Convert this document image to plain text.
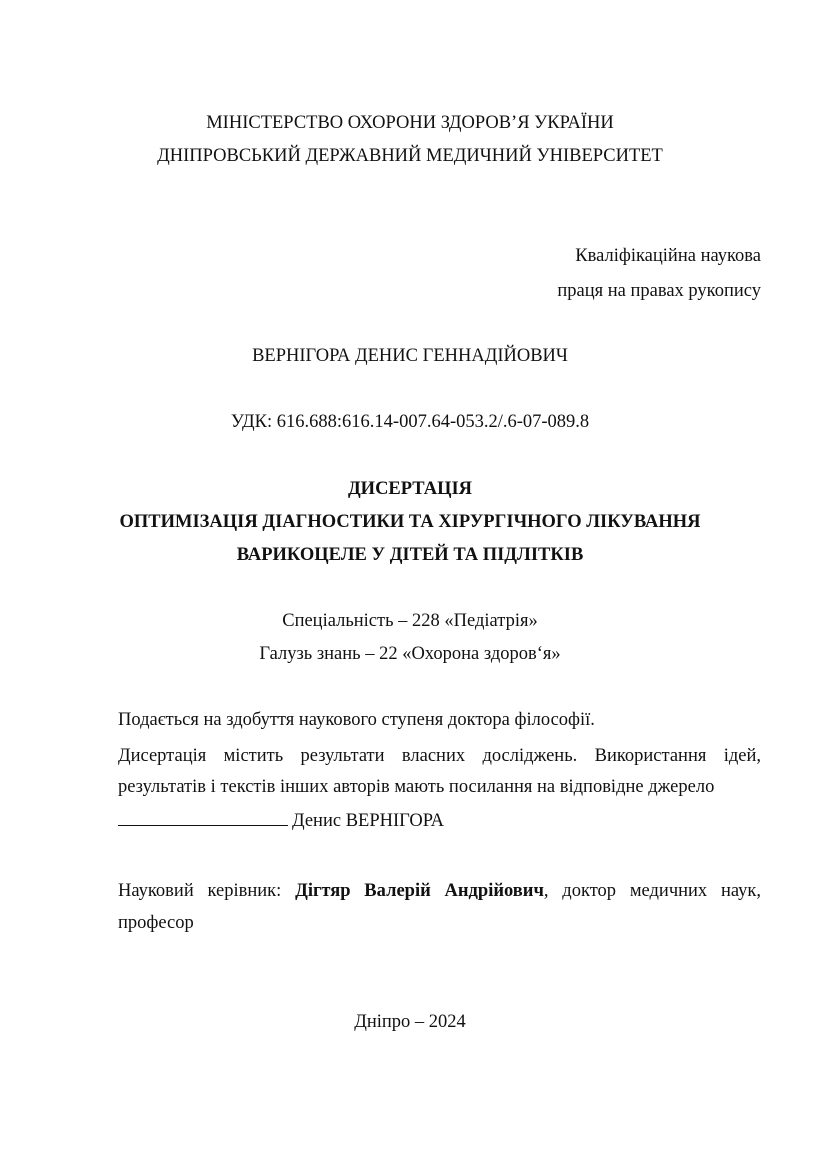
МІНІСТЕРСТВО ОХОРОНИ ЗДОРОВ’Я УКРАЇНИ
ДНІПРОВСЬКИЙ ДЕРЖАВНИЙ МЕДИЧНИЙ УНІВЕРСИТЕТ
Кваліфікаційна наукова
праця на правах рукопису
ВЕРНІГОРА ДЕНИС ГЕННАДІЙОВИЧ
УДК: 616.688:616.14-007.64-053.2/.6-07-089.8
ДИСЕРТАЦІЯ
ОПТИМІЗАЦІЯ ДІАГНОСТИКИ ТА ХІРУРГІЧНОГО ЛІКУВАННЯ
ВАРИКОЦЕЛЕ У ДІТЕЙ ТА ПІДЛІТКІВ
Спеціальність – 228 «Педіатрія»
Галузь знань – 22 «Охорона здоров‘я»
Подається на здобуття наукового ступеня доктора філософії.
Дисертація містить результати власних досліджень. Використання ідей,
результатів і текстів інших авторів мають посилання на відповідне джерело
Денис ВЕРНІГОРА
Науковий керівник: Дігтяр Валерій Андрійович, доктор медичних наук,
професор
Дніпро – 2024
